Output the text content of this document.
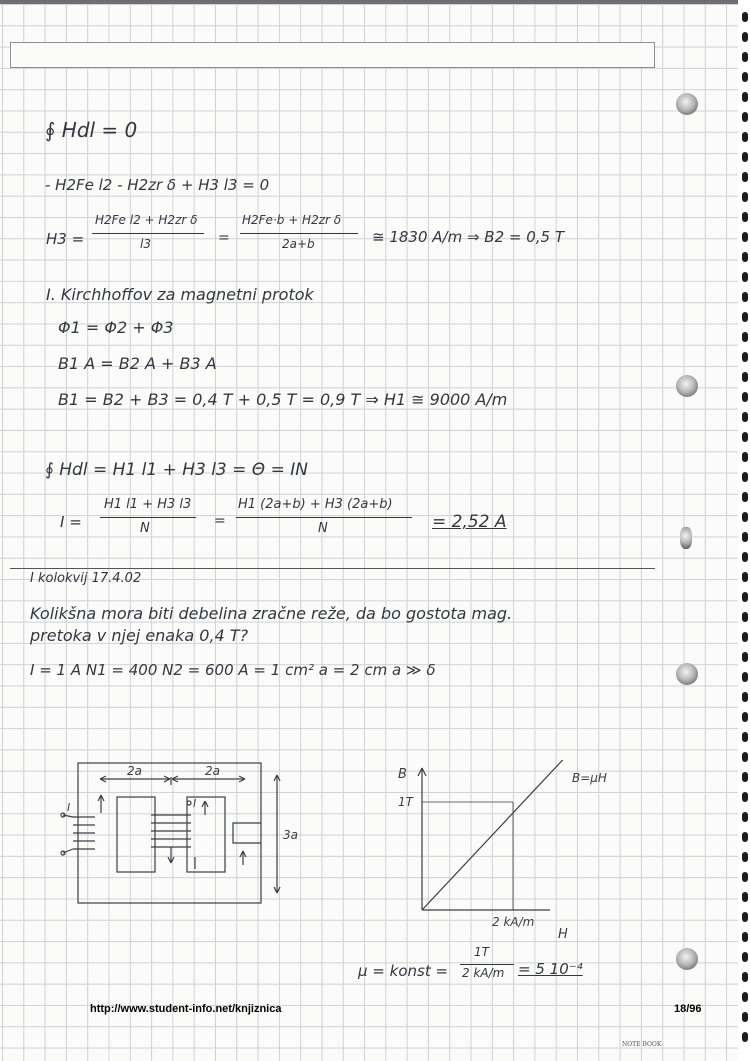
∮ Hdl = 0
- H2Fe l2 - H2zr δ + H3 l3 = 0
H3 =
H2Fe l2 + H2zr δ
l3	=
H2Fe·b + H2zr δ
2a+b	≅ 1830 A/m ⇒ B2 = 0,5 T
I. Kirchhoffov za magnetni protok
Φ1 = Φ2 + Φ3
B1 A = B2 A + B3 A
B1 = B2 + B3 = 0,4 T + 0,5 T = 0,9 T ⇒ H1 ≅ 9000 A/m
∮ Hdl = H1 l1 + H3 l3 = Θ = IN
I =
H1 l1 + H3 l3
N	=
H1 (2a+b) + H3 (2a+b)
N	= 2,52 A
I kolokvij 17.4.02
Kolikšna mora biti debelina zračne reže, da bo gostota mag.
pretoka v njej enaka 0,4 T?
I = 1 A N1 = 400 N2 = 600 A = 1 cm² a = 2 cm a ≫ δ
2a	2a
3a
I	I
B
H
1T
2 kA/m
B=μH
μ = konst =
1T
2 kA/m = 5 10⁻⁴
http://www.student-info.net/knjiznica	18/96
NOTE BOOK
